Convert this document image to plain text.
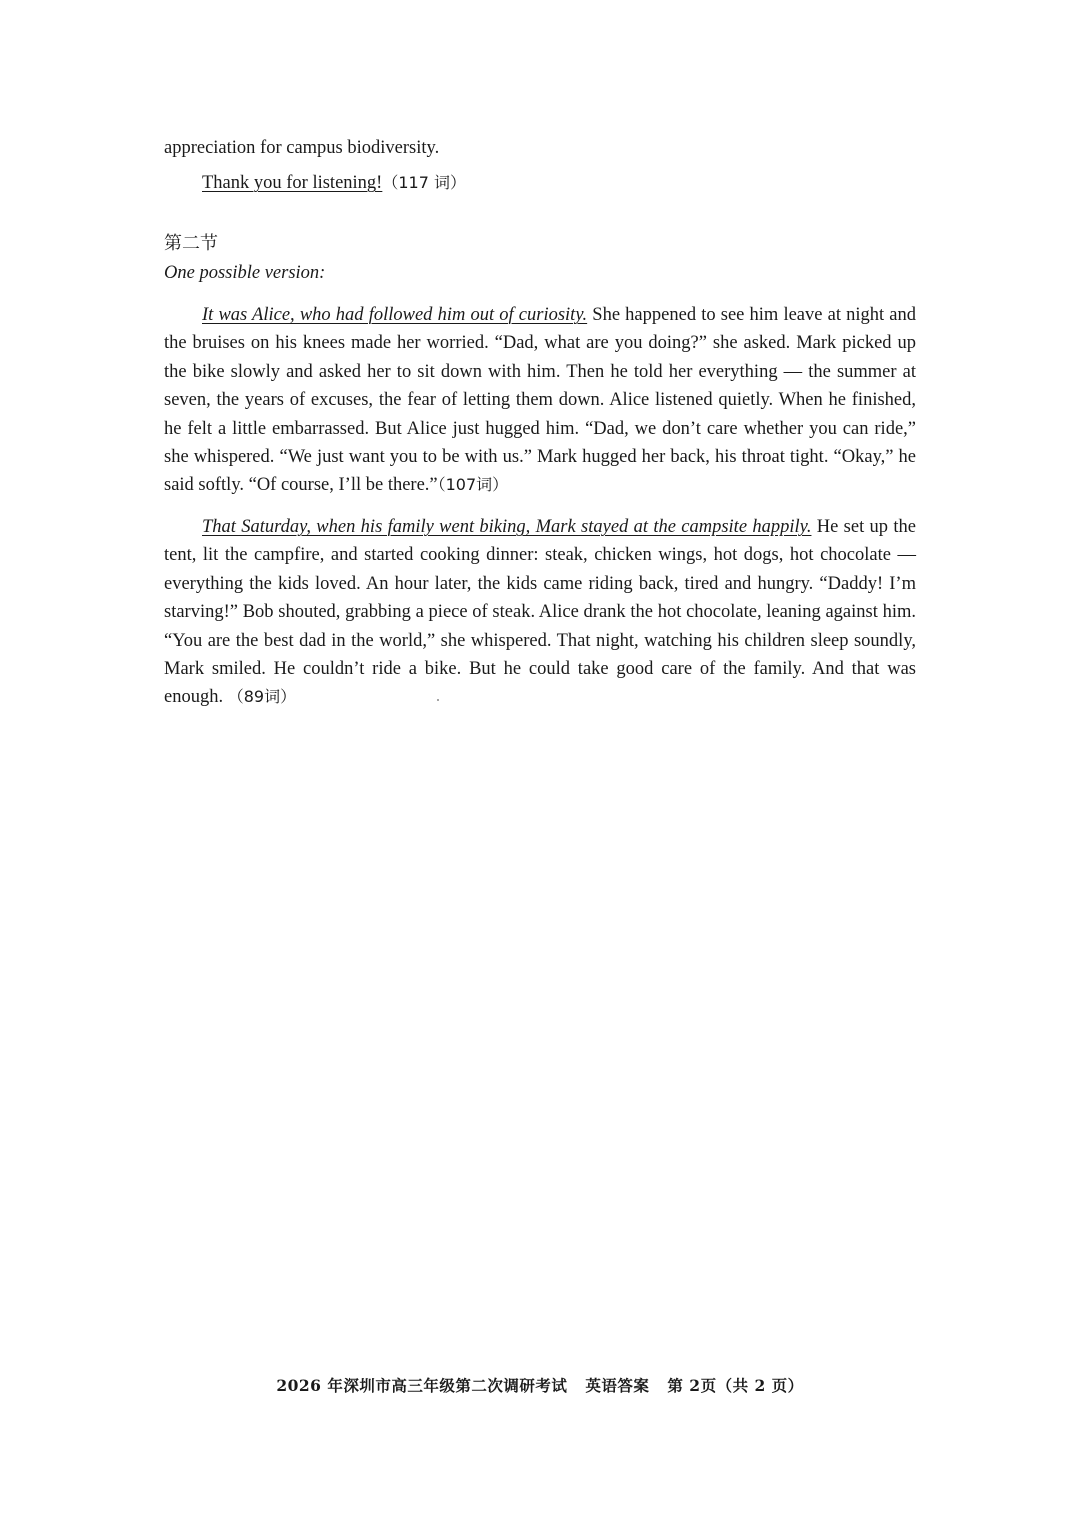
appreciation for campus biodiversity.
Thank you for listening!（117 词）
第二节
One possible version:

It was Alice, who had followed him out of curiosity. She happened to see him leave at night and the bruises on his knees made her worried. “Dad, what are you doing?” she asked. Mark picked up the bike slowly and asked her to sit down with him. Then he told her everything — the summer at seven, the years of excuses, the fear of letting them down. Alice listened quietly. When he finished, he felt a little embarrassed. But Alice just hugged him. “Dad, we don’t care whether you can ride,” she whispered. “We just want you to be with us.” Mark hugged her back, his throat tight. “Okay,” he said softly. “Of course, I’ll be there.”（107词）

That Saturday, when his family went biking, Mark stayed at the campsite happily. He set up the tent, lit the campfire, and started cooking dinner: steak, chicken wings, hot dogs, hot chocolate — everything the kids loved. An hour later, the kids came riding back, tired and hungry. “Daddy! I’m starving!” Bob shouted, grabbing a piece of steak. Alice drank the hot chocolate, leaning against him. “You are the best dad in the world,” she whispered. That night, watching his children sleep soundly, Mark smiled. He couldn’t ride a bike. But he could take good care of the family. And that was enough. （89词）

2026 年深圳市高三年级第二次调研考试 英语答案 第 2页（共 2 页）
